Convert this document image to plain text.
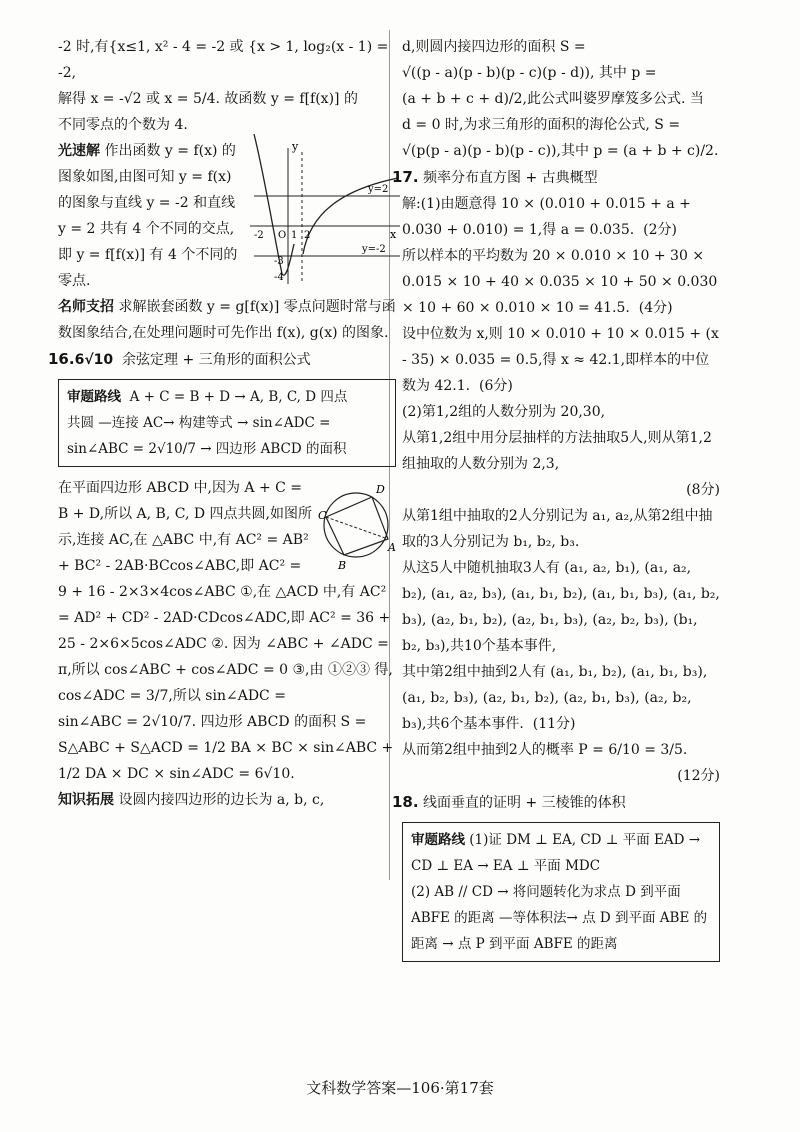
-2 时,有{x≤1, x² - 4 = -2 或 {x > 1, log₂(x - 1) = -2,

解得 x = -√2 或 x = 5/4. 故函数 y = f[f(x)] 的

不同零点的个数为 4.

y
x
y=2
y=-2
-2 O 1 2
-3
-4

光速解 作出函数 y = f(x) 的图象如图,由图可知 y = f(x) 的图象与直线 y = -2 和直线 y = 2 共有 4 个不同的交点,即 y = f[f(x)] 有 4 个不同的零点.

名师支招 求解嵌套函数 y = g[f(x)] 零点问题时常与函数图象结合,在处理问题时可先作出 f(x), g(x) 的图象.

16.6√10 余弦定理 + 三角形的面积公式

审题路线 A + C = B + D → A, B, C, D 四点

共圆 —连接 AC→ 构建等式 → sin∠ADC =

sin∠ABC = 2√10/7 → 四边形 ABCD 的面积

D
C
B
A

在平面四边形 ABCD 中,因为 A + C = B + D,所以 A, B, C, D 四点共圆,如图所示,连接 AC,在 △ABC 中,有 AC² = AB² + BC² - 2AB·BCcos∠ABC,即 AC² = 9 + 16 - 2×3×4cos∠ABC ①,在 △ACD 中,有 AC² = AD² + CD² - 2AD·CDcos∠ADC,即 AC² = 36 + 25 - 2×6×5cos∠ADC ②. 因为 ∠ABC + ∠ADC = π,所以 cos∠ABC + cos∠ADC = 0 ③,由 ①②③ 得, cos∠ADC = 3/7,所以 sin∠ADC =

sin∠ABC = 2√10/7. 四边形 ABCD 的面积 S =

S△ABC + S△ACD = 1/2 BA × BC × sin∠ABC +

1/2 DA × DC × sin∠ADC = 6√10.

知识拓展 设圆内接四边形的边长为 a, b, c,

d,则圆内接四边形的面积 S =

√((p - a)(p - b)(p - c)(p - d)), 其中 p =

(a + b + c + d)/2,此公式叫婆罗摩笈多公式. 当

d = 0 时,为求三角形的面积的海伦公式, S =

√(p(p - a)(p - b)(p - c)),其中 p = (a + b + c)/2.

17. 频率分布直方图 + 古典概型

解:(1)由题意得 10 × (0.010 + 0.015 + a + 0.030 + 0.010) = 1,得 a = 0.035. (2分)

所以样本的平均数为 20 × 0.010 × 10 + 30 × 0.015 × 10 + 40 × 0.035 × 10 + 50 × 0.030 × 10 + 60 × 0.010 × 10 = 41.5. (4分)

设中位数为 x,则 10 × 0.010 + 10 × 0.015 + (x - 35) × 0.035 = 0.5,得 x ≈ 42.1,即样本的中位数为 42.1. (6分)

(2)第1,2组的人数分别为 20,30,

从第1,2组中用分层抽样的方法抽取5人,则从第1,2组抽取的人数分别为 2,3,

(8分)

从第1组中抽取的2人分别记为 a₁, a₂,从第2组中抽取的3人分别记为 b₁, b₂, b₃.

从这5人中随机抽取3人有 (a₁, a₂, b₁), (a₁, a₂, b₂), (a₁, a₂, b₃), (a₁, b₁, b₂), (a₁, b₁, b₃), (a₁, b₂, b₃), (a₂, b₁, b₂), (a₂, b₁, b₃), (a₂, b₂, b₃), (b₁, b₂, b₃),共10个基本事件,

其中第2组中抽到2人有 (a₁, b₁, b₂), (a₁, b₁, b₃), (a₁, b₂, b₃), (a₂, b₁, b₂), (a₂, b₁, b₃), (a₂, b₂, b₃),共6个基本事件. (11分)

从而第2组中抽到2人的概率 P = 6/10 = 3/5.

(12分)

18. 线面垂直的证明 + 三棱锥的体积

审题路线 (1)证 DM ⊥ EA, CD ⊥ 平面 EAD → CD ⊥ EA → EA ⊥ 平面 MDC

(2) AB // CD → 将问题转化为求点 D 到平面 ABFE 的距离 —等体积法→ 点 D 到平面 ABE 的距离 → 点 P 到平面 ABFE 的距离

文科数学答案—106·第17套
